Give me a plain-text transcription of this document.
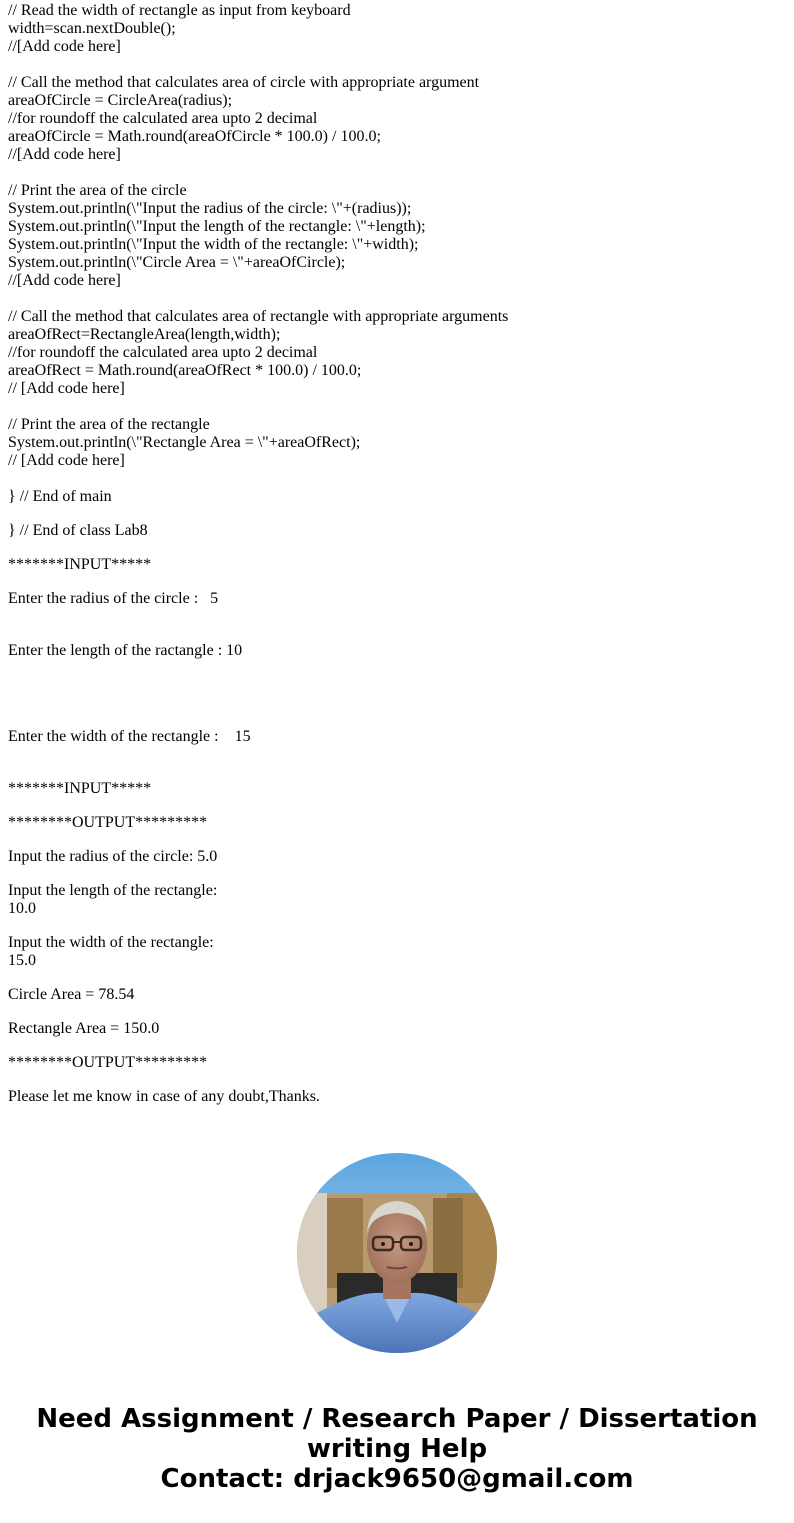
// Read the width of rectangle as input from keyboard
width=scan.nextDouble();
//[Add code here]
// Call the method that calculates area of circle with appropriate argument
areaOfCircle = CircleArea(radius);
//for roundoff the calculated area upto 2 decimal
areaOfCircle = Math.round(areaOfCircle * 100.0) / 100.0;
//[Add code here]
// Print the area of the circle
System.out.println(\"Input the radius of the circle: \"+(radius));
System.out.println(\"Input the length of the rectangle: \"+length);
System.out.println(\"Input the width of the rectangle: \"+width);
System.out.println(\"Circle Area = \"+areaOfCircle);
//[Add code here]
// Call the method that calculates area of rectangle with appropriate arguments
areaOfRect=RectangleArea(length,width);
//for roundoff the calculated area upto 2 decimal
areaOfRect = Math.round(areaOfRect * 100.0) / 100.0;
// [Add code here]
// Print the area of the rectangle
System.out.println(\"Rectangle Area = \"+areaOfRect);
// [Add code here]
} // End of main
} // End of class Lab8
*******INPUT*****
Enter the radius of the circle :   5
Enter the length of the ractangle : 10
Enter the width of the rectangle :    15
*******INPUT*****
********OUTPUT*********
Input the radius of the circle: 5.0
Input the length of the rectangle:
10.0
Input the width of the rectangle:
15.0
Circle Area = 78.54
Rectangle Area = 150.0
********OUTPUT*********
Please let me know in case of any doubt,Thanks.
Need Assignment / Research Paper / Dissertation
writing Help
Contact: drjack9650@gmail.com
